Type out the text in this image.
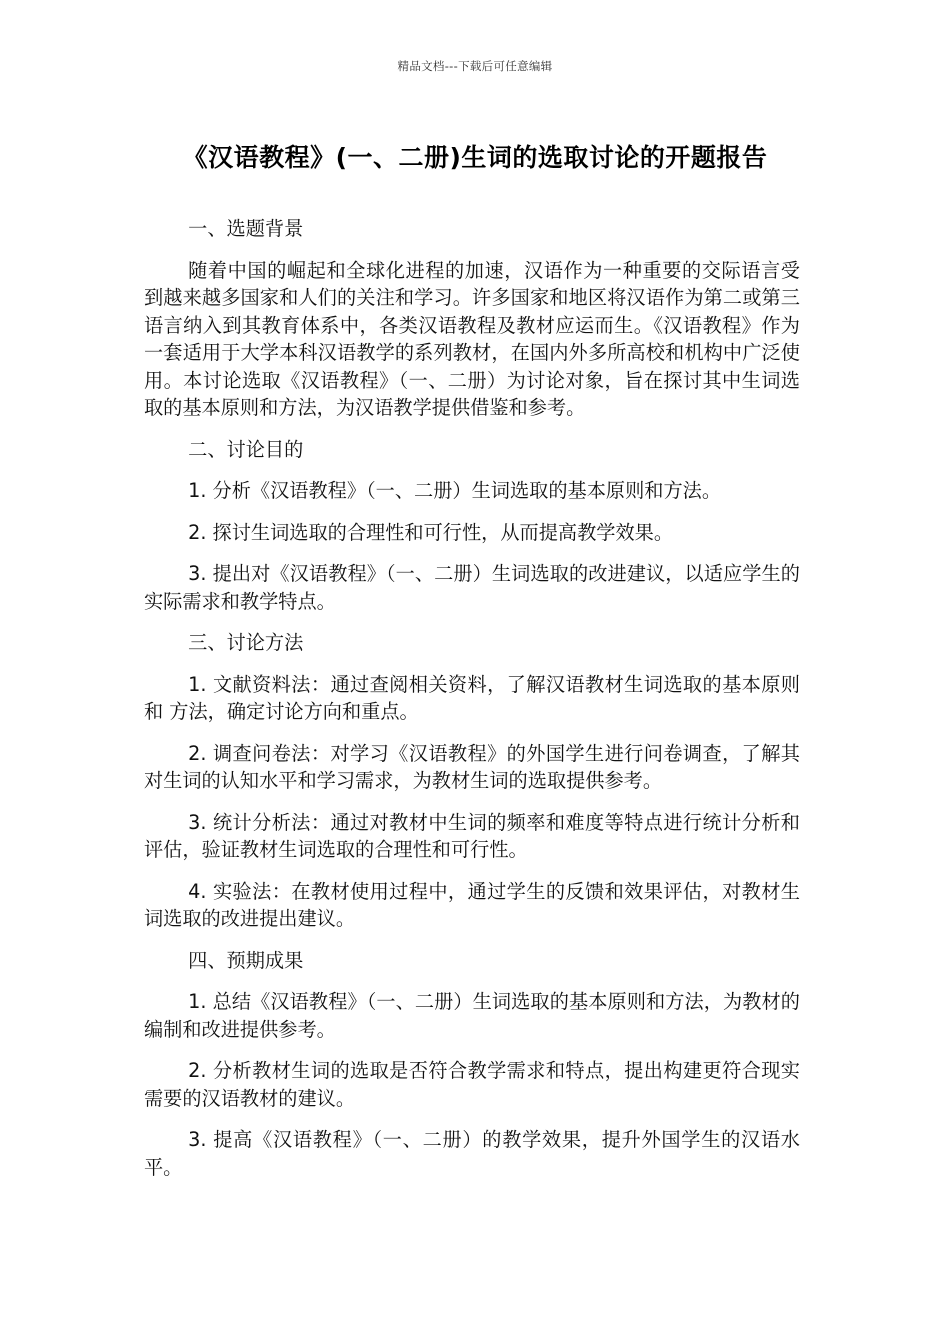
精品文档---下载后可任意编辑
《汉语教程》(一、二册)生词的选取讨论的开题报告

一、选题背景

随着中国的崛起和全球化进程的加速，汉语作为一种重要的交际语言受到越来越多国家和人们的关注和学习。许多国家和地区将汉语作为第二或第三语言纳入到其教育体系中，各类汉语教程及教材应运而生。《汉语教程》作为一套适用于大学本科汉语教学的系列教材，在国内外多所高校和机构中广泛使用。本讨论选取《汉语教程》（一、二册）为讨论对象，旨在探讨其中生词选取的基本原则和方法，为汉语教学提供借鉴和参考。

二、讨论目的

1. 分析《汉语教程》（一、二册）生词选取的基本原则和方法。

2. 探讨生词选取的合理性和可行性，从而提高教学效果。

3. 提出对《汉语教程》（一、二册）生词选取的改进建议，以适应学生的实际需求和教学特点。

三、讨论方法

1. 文献资料法：通过查阅相关资料，了解汉语教材生词选取的基本原则和 方法，确定讨论方向和重点。

2. 调查问卷法：对学习《汉语教程》的外国学生进行问卷调查，了解其对生词的认知水平和学习需求，为教材生词的选取提供参考。

3. 统计分析法：通过对教材中生词的频率和难度等特点进行统计分析和评估，验证教材生词选取的合理性和可行性。

4. 实验法：在教材使用过程中，通过学生的反馈和效果评估，对教材生词选取的改进提出建议。

四、预期成果

1. 总结《汉语教程》（一、二册）生词选取的基本原则和方法，为教材的编制和改进提供参考。

2. 分析教材生词的选取是否符合教学需求和特点，提出构建更符合现实需要的汉语教材的建议。

3. 提高《汉语教程》（一、二册）的教学效果，提升外国学生的汉语水平。
